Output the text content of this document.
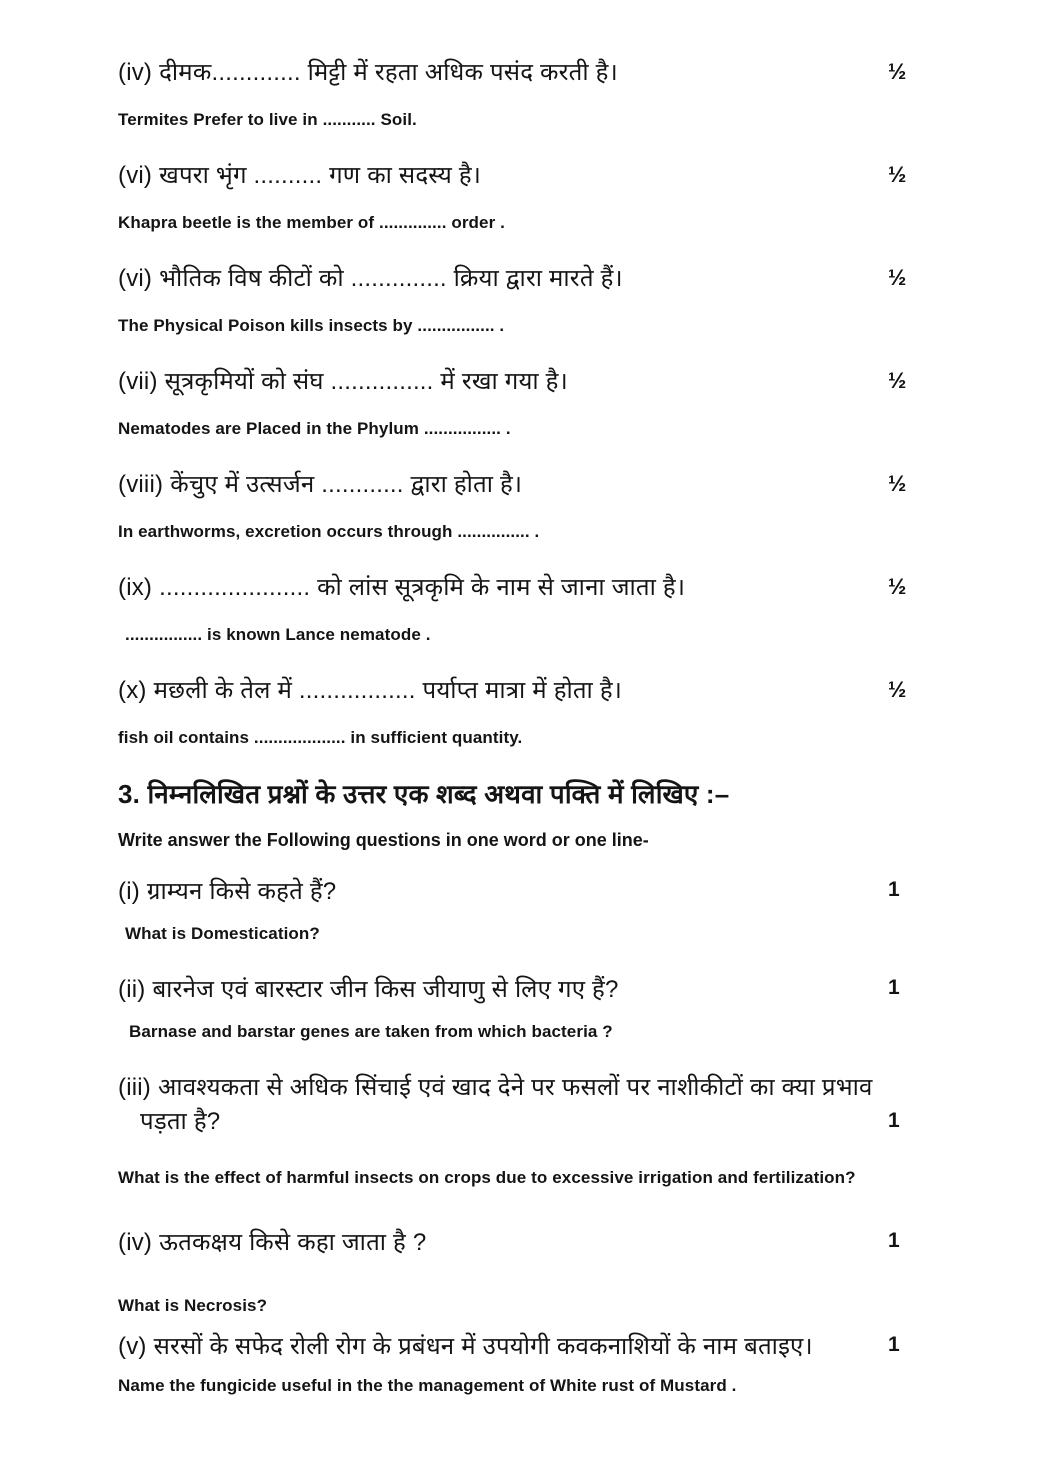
(iv) दीमक............. मिट्टी में रहता अधिक पसंद करती है।
Termites Prefer to live in ........... Soil.
½
(vi) खपरा भृंग .......... गण का सदस्य है।
Khapra beetle is the member of .............. order .
½
(vi) भौतिक विष कीटों को .............. क्रिया द्वारा मारते हैं।
The Physical Poison kills insects by ................ .
½
(vii) सूत्रकृमियों को संघ ............... में रखा गया है।
Nematodes are Placed in the Phylum ................ .
½
(viii) केंचुए में उत्सर्जन ............ द्वारा होता है।
In earthworms, excretion occurs through ............... .
½
(ix) ...................... को लांस सूत्रकृमि के नाम से जाना जाता है।
................ is known Lance nematode .
½
(x) मछली के तेल में ................. पर्याप्त मात्रा में होता है।
fish oil contains ................... in sufficient quantity.
½
3. निम्नलिखित प्रश्नों के उत्तर एक शब्द अथवा पक्ति में लिखिए :–
Write answer the Following questions in one word or one line-
(i) ग्राम्यन किसे कहते हैं?
What is Domestication?
1
(ii) बारनेज एवं बारस्टार जीन किस जीयाणु से लिए गए हैं?
Barnase and barstar genes are taken from which bacteria ?
1
(iii) आवश्यकता से अधिक सिंचाई एवं खाद देने पर फसलों पर नाशीकीटों का क्या प्रभाव पड़ता है?
What is the effect of harmful insects on crops due to excessive irrigation and fertilization?
1
(iv) ऊतकक्षय किसे कहा जाता है ?
What is Necrosis?
1
(v) सरसों के सफेद रोली रोग के प्रबंधन में उपयोगी कवकनाशियों के नाम बताइए।
Name the fungicide useful in the the management of White rust of Mustard .
1
